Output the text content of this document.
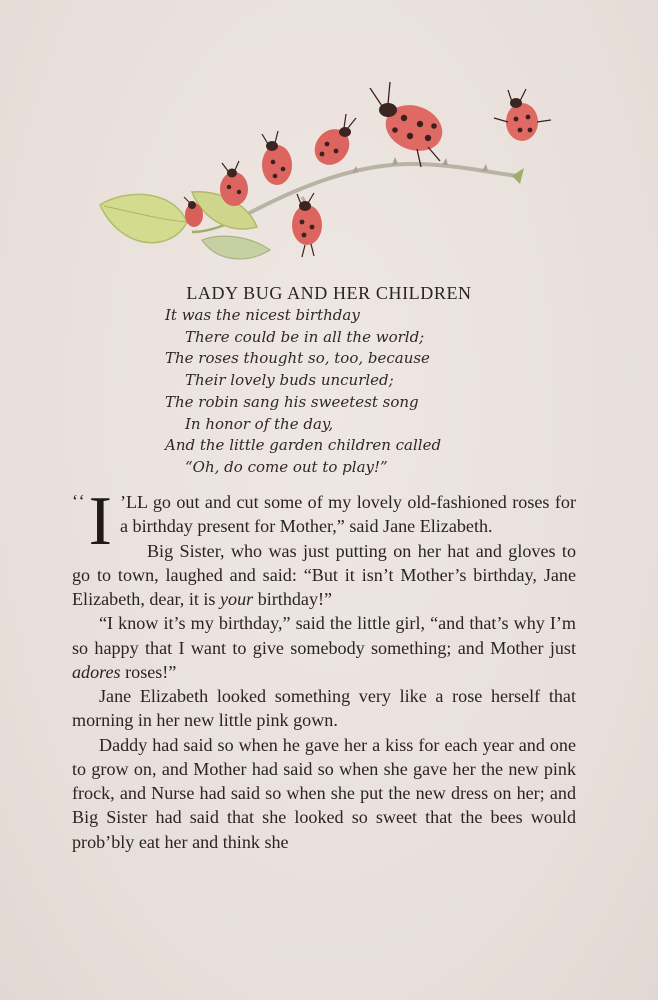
LADY BUG AND HER CHILDREN
It was the nicest birthday
There could be in all the world;
The roses thought so, too, because
Their lovely buds uncurled;
The robin sang his sweetest song
In honor of the day,
And the little garden children called
“Oh, do come out to play!”

‘‘ I ’LL go out and cut some of my lovely old-fashioned roses for a birthday present for Mother,” said Jane Elizabeth.

Big Sister, who was just putting on her hat and gloves to go to town, laughed and said: “But it isn’t Mother’s birthday, Jane Elizabeth, dear, it is your birthday!”

“I know it’s my birthday,” said the little girl, “and that’s why I’m so happy that I want to give somebody something; and Mother just adores roses!”

Jane Elizabeth looked something very like a rose herself that morning in her new little pink gown.

Daddy had said so when he gave her a kiss for each year and one to grow on, and Mother had said so when she gave her the new pink frock, and Nurse had said so when she put the new dress on her; and Big Sister had said that she looked so sweet that the bees would prob’bly eat her and think she
